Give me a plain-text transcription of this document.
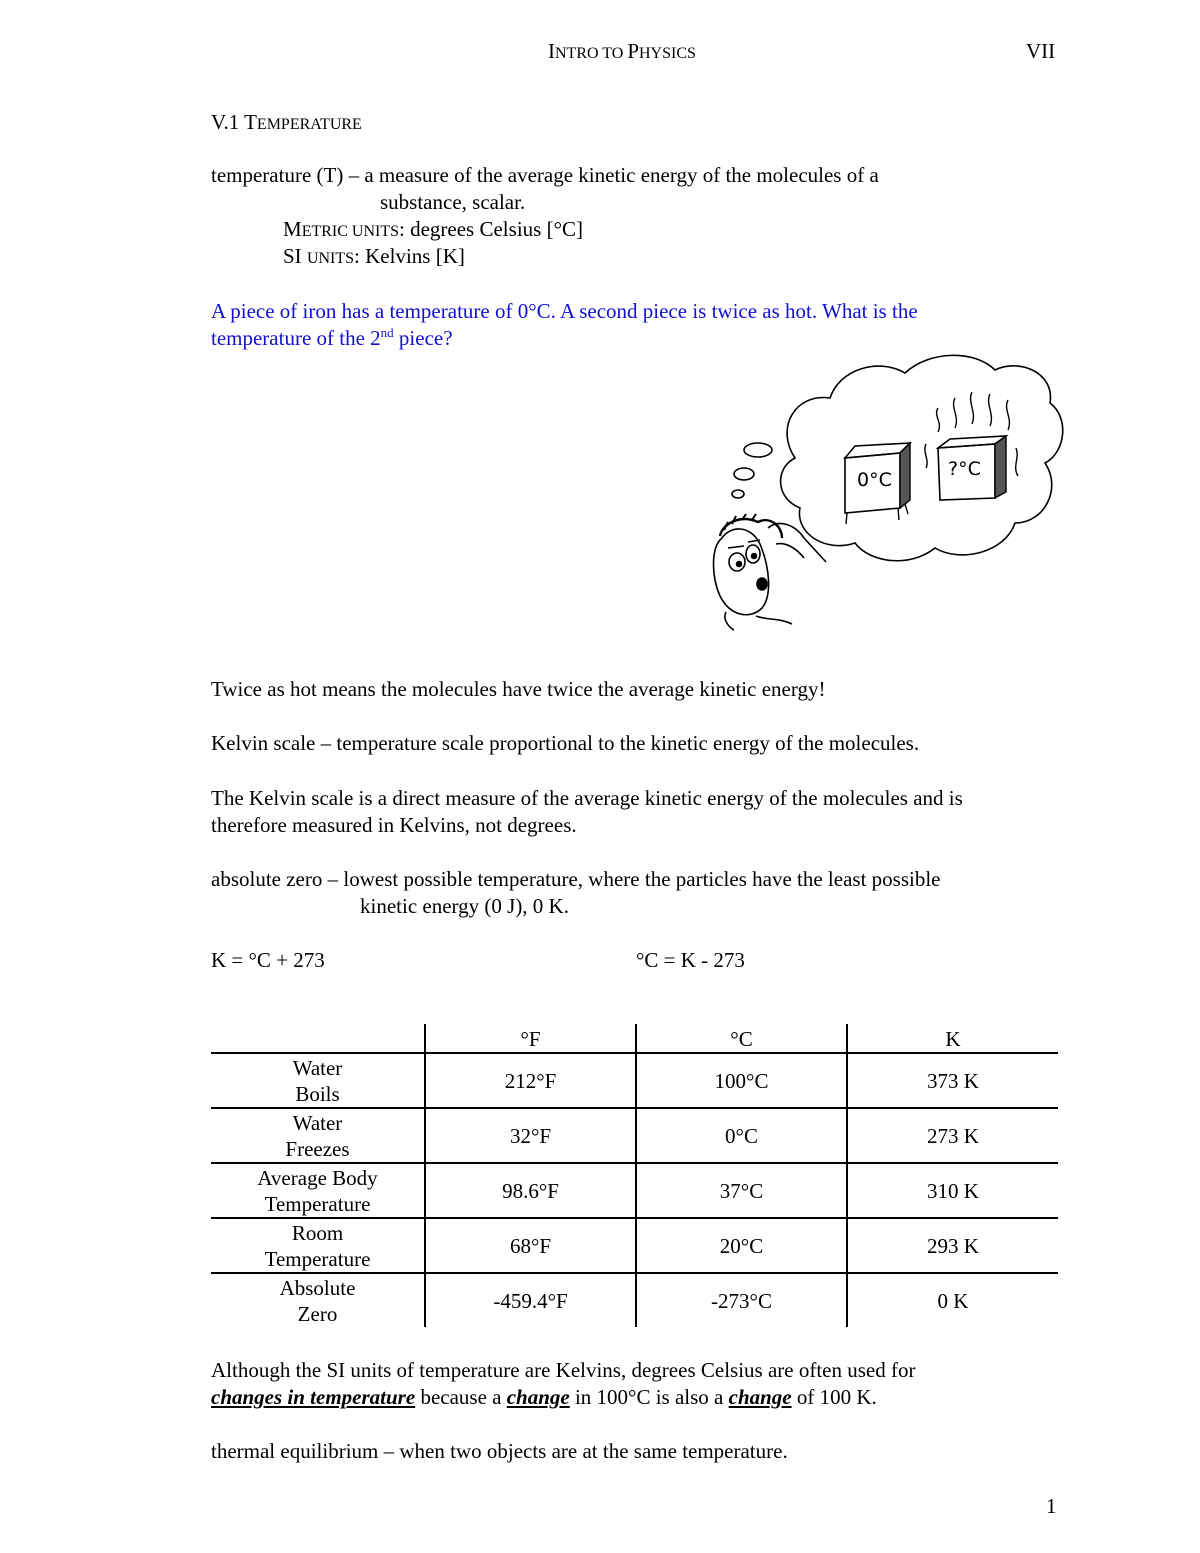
INTRO TO PHYSICS	VII
V.1 TEMPERATURE
temperature (T) – a measure of the average kinetic energy of the molecules of a
substance, scalar.
METRIC UNITS: degrees Celsius [°C]
SI UNITS: Kelvins [K]
A piece of iron has a temperature of 0°C. A second piece is twice as hot. What is the
temperature of the 2nd piece?
0°C	?°C
Twice as hot means the molecules have twice the average kinetic energy!
Kelvin scale – temperature scale proportional to the kinetic energy of the molecules.
The Kelvin scale is a direct measure of the average kinetic energy of the molecules and is
therefore measured in Kelvins, not degrees.
absolute zero – lowest possible temperature, where the particles have the least possible
kinetic energy (0 J), 0 K.
K = °C + 273	°C = K - 273
	°F	°C	K
Water
Boils	212°F	100°C	373 K
Water
Freezes	32°F	0°C	273 K
Average Body
Temperature	98.6°F	37°C	310 K
Room
Temperature	68°F	20°C	293 K
Absolute
Zero	-459.4°F	-273°C	0 K
Although the SI units of temperature are Kelvins, degrees Celsius are often used for
changes in temperature because a change in 100°C is also a change of 100 K.
thermal equilibrium – when two objects are at the same temperature.
1
